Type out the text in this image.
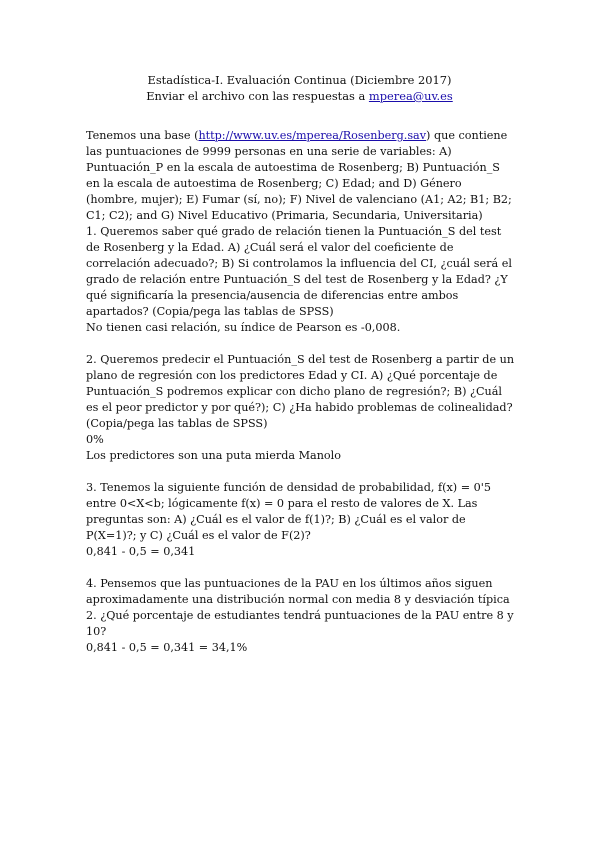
Estadística-I. Evaluación Continua (Diciembre 2017)
Enviar el archivo con las respuestas a mperea@uv.es

Tenemos una base (http://www.uv.es/mperea/Rosenberg.sav) que contiene las puntuaciones de 9999 personas en una serie de variables: A) Puntuación_P en la escala de autoestima de Rosenberg; B) Puntuación_S en la escala de autoestima de Rosenberg; C) Edad; and D) Género (hombre, mujer); E) Fumar (sí, no); F) Nivel de valenciano (A1; A2; B1; B2; C1; C2); and G) Nivel Educativo (Primaria, Secundaria, Universitaria)

1. Queremos saber qué grado de relación tienen la Puntuación_S del test de Rosenberg y la Edad. A) ¿Cuál será el valor del coeficiente de correlación adecuado?; B) Si controlamos la influencia del CI, ¿cuál será el grado de relación entre Puntuación_S del test de Rosenberg y la Edad? ¿Y qué significaría la presencia/ausencia de diferencias entre ambos apartados? (Copia/pega las tablas de SPSS)

No tienen casi relación, su índice de Pearson es -0,008.

2. Queremos predecir el Puntuación_S del test de Rosenberg a partir de un plano de regresión con los predictores Edad y CI. A) ¿Qué porcentaje de Puntuación_S podremos explicar con dicho plano de regresión?; B) ¿Cuál es el peor predictor y por qué?); C) ¿Ha habido problemas de colinealidad? (Copia/pega las tablas de SPSS)

0%
Los predictores son una puta mierda Manolo

3. Tenemos la siguiente función de densidad de probabilidad, f(x) = 0'5 entre 0<X<b; lógicamente f(x) = 0 para el resto de valores de X. Las preguntas son: A) ¿Cuál es el valor de f(1)?; B) ¿Cuál es el valor de P(X=1)?; y C) ¿Cuál es el valor de F(2)?

0,841 - 0,5 = 0,341

4. Pensemos que las puntuaciones de la PAU en los últimos años siguen aproximadamente una distribución normal con media 8 y desviación típica 2. ¿Qué porcentaje de estudiantes tendrá puntuaciones de la PAU entre 8 y 10?

0,841 - 0,5 = 0,341 = 34,1%
